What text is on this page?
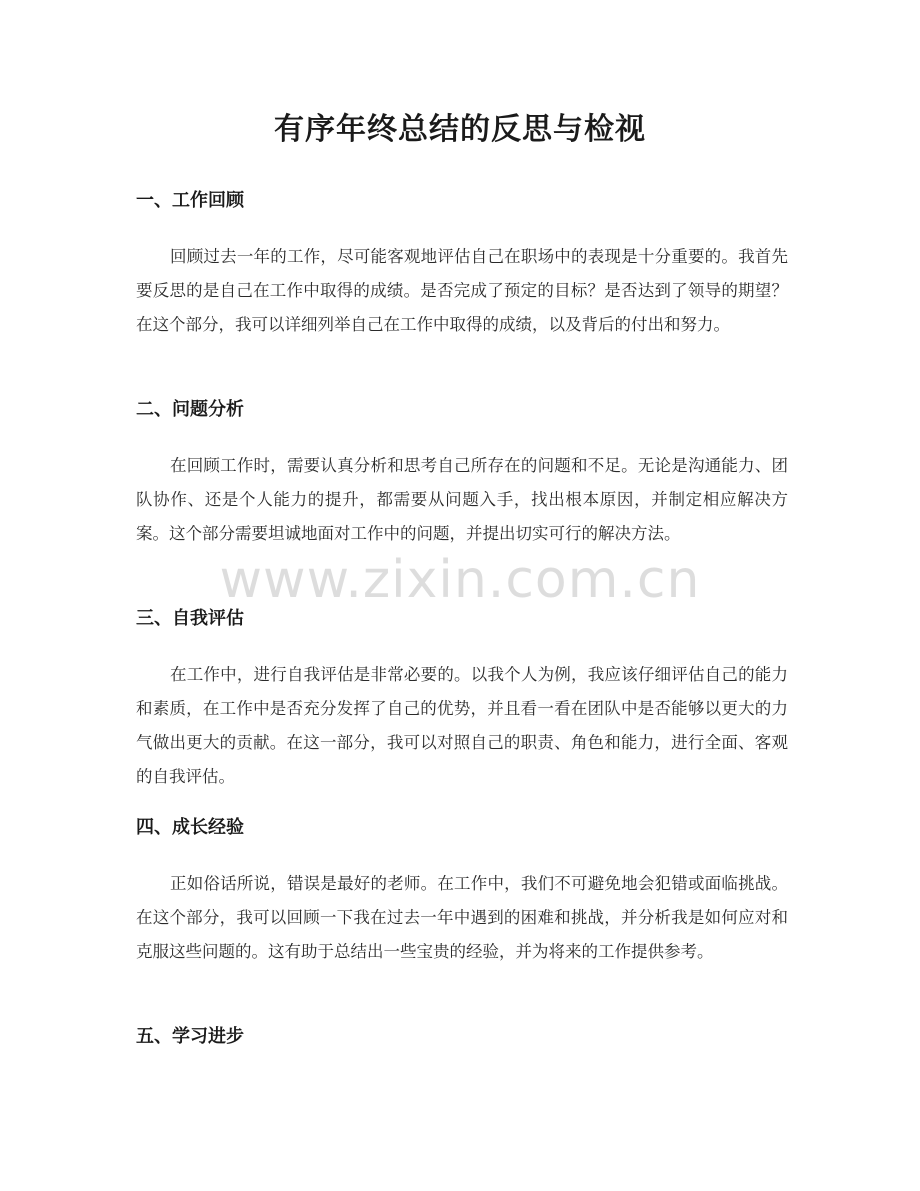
有序年终总结的反思与检视
一、工作回顾

回顾过去一年的工作，尽可能客观地评估自己在职场中的表现是十分重要的。我首先要反思的是自己在工作中取得的成绩。是否完成了预定的目标？是否达到了领导的期望？在这个部分，我可以详细列举自己在工作中取得的成绩，以及背后的付出和努力。

二、问题分析

在回顾工作时，需要认真分析和思考自己所存在的问题和不足。无论是沟通能力、团队协作、还是个人能力的提升，都需要从问题入手，找出根本原因，并制定相应解决方案。这个部分需要坦诚地面对工作中的问题，并提出切实可行的解决方法。

三、自我评估

在工作中，进行自我评估是非常必要的。以我个人为例，我应该仔细评估自己的能力和素质，在工作中是否充分发挥了自己的优势，并且看一看在团队中是否能够以更大的力气做出更大的贡献。在这一部分，我可以对照自己的职责、角色和能力，进行全面、客观的自我评估。

四、成长经验

正如俗话所说，错误是最好的老师。在工作中，我们不可避免地会犯错或面临挑战。在这个部分，我可以回顾一下我在过去一年中遇到的困难和挑战，并分析我是如何应对和克服这些问题的。这有助于总结出一些宝贵的经验，并为将来的工作提供参考。

五、学习进步
www.zixin.com.cn
